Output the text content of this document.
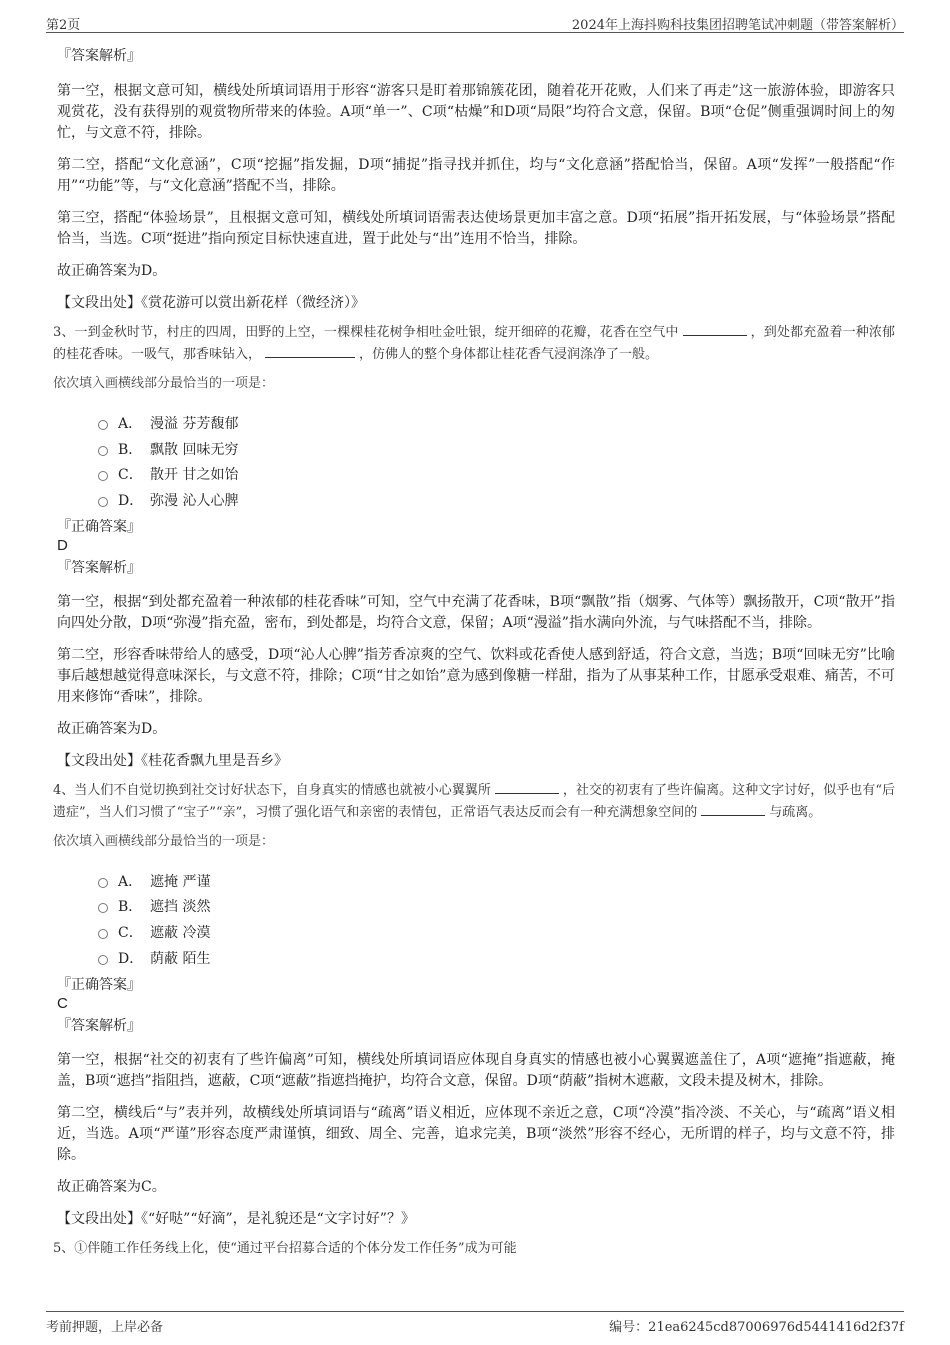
第2页	2024年上海抖购科技集团招聘笔试冲刺题（带答案解析）

『答案解析』

第一空，根据文意可知，横线处所填词语用于形容“游客只是盯着那锦簇花团，随着花开花败，人们来了再走”这一旅游体验，即游客只观赏花，没有获得别的观赏物所带来的体验。A项“单一”、C项“枯燥”和D项“局限”均符合文意，保留。B项“仓促”侧重强调时间上的匆忙，与文意不符，排除。

第二空，搭配“文化意涵”，C项“挖掘”指发掘，D项“捕捉”指寻找并抓住，均与“文化意涵”搭配恰当，保留。A项“发挥”一般搭配“作用”“功能”等，与“文化意涵”搭配不当，排除。

第三空，搭配“体验场景”，且根据文意可知，横线处所填词语需表达使场景更加丰富之意。D项“拓展”指开拓发展，与“体验场景”搭配恰当，当选。C项“挺进”指向预定目标快速直进，置于此处与“出”连用不恰当，排除。

故正确答案为D。

【文段出处】《赏花游可以赏出新花样（微经济）》

3、一到金秋时节，村庄的四周，田野的上空，一棵棵桂花树争相吐金吐银，绽开细碎的花瓣，花香在空气中	，到处都充盈着一种浓郁的桂花香味。一吸气，那香味钻入，	，仿佛人的整个身体都让桂花香气浸润涤净了一般。

依次填入画横线部分最恰当的一项是：

A． 漫溢 芬芳馥郁
B． 飘散 回味无穷
C． 散开 甘之如饴
D． 弥漫 沁人心脾

『正确答案』

D

『答案解析』

第一空，根据“到处都充盈着一种浓郁的桂花香味”可知，空气中充满了花香味，B项“飘散”指（烟雾、气体等）飘扬散开，C项“散开”指向四处分散，D项“弥漫”指充盈，密布，到处都是，均符合文意，保留；A项“漫溢”指水满向外流，与气味搭配不当，排除。

第二空，形容香味带给人的感受，D项“沁人心脾”指芳香凉爽的空气、饮料或花香使人感到舒适，符合文意，当选；B项“回味无穷”比喻事后越想越觉得意味深长，与文意不符，排除；C项“甘之如饴”意为感到像糖一样甜，指为了从事某种工作，甘愿承受艰难、痛苦，不可用来修饰“香味”，排除。

故正确答案为D。

【文段出处】《桂花香飘九里是吾乡》

4、当人们不自觉切换到社交讨好状态下，自身真实的情感也就被小心翼翼所	，社交的初衷有了些许偏离。这种文字讨好，似乎也有“后遗症”，当人们习惯了“宝子”“亲”，习惯了强化语气和亲密的表情包，正常语气表达反而会有一种充满想象空间的	与疏离。

依次填入画横线部分最恰当的一项是：

A． 遮掩 严谨
B． 遮挡 淡然
C． 遮蔽 冷漠
D． 荫蔽 陌生

『正确答案』

C

『答案解析』

第一空，根据“社交的初衷有了些许偏离”可知，横线处所填词语应体现自身真实的情感也被小心翼翼遮盖住了，A项“遮掩”指遮蔽，掩盖，B项“遮挡”指阻挡，遮蔽，C项“遮蔽”指遮挡掩护，均符合文意，保留。D项“荫蔽”指树木遮蔽，文段未提及树木，排除。

第二空，横线后“与”表并列，故横线处所填词语与“疏离”语义相近，应体现不亲近之意，C项“冷漠”指冷淡、不关心，与“疏离”语义相近，当选。A项“严谨”形容态度严肃谨慎，细致、周全、完善，追求完美，B项“淡然”形容不经心，无所谓的样子，均与文意不符，排除。

故正确答案为C。

【文段出处】《“好哒”“好滴”，是礼貌还是“文字讨好”？》

5、①伴随工作任务线上化，使“通过平台招募合适的个体分发工作任务”成为可能

考前押题，上岸必备	编号：21ea6245cd87006976d5441416d2f37f
